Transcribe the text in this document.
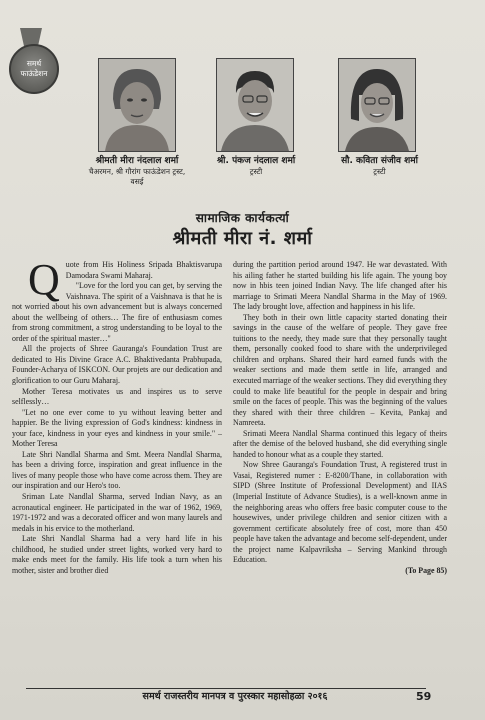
समर्थ
फाऊंडेशन
श्रीमती मीरा नंदलाल शर्मा
चैअरमन, श्री गौरांग फाऊंडेशन ट्रस्ट,
वसई
श्री. पंकज नंदलाल शर्मा
ट्रस्टी
सौ. कविता संजीव शर्मा
ट्रस्टी
सामाजिक कार्यकर्त्या
श्रीमती मीरा नं. शर्मा
Q uote from His Holiness Sripada Bhaktisvarupa Damodara Swami Maharaj.

"Love for the lord you can get, by serving the Vaishnava. The spirit of a Vaishnava is that he is not worried about his own advancement but is always concerned about the wellbeing of others… The fire of enthusiasm comes from strong commitment, a strog understanding to be loyal to the order of the spiritual master…"

All the projects of Shree Gauranga's Foundation Trust are dedicated to His Divine Grace A.C. Bhaktivedanta Prabhupada, Founder-Acharya of ISKCON. Our projets are our dedication and glorification to our Guru Maharaj.

Mother Teresa motivates us and inspires us to serve selflessly…

"Let no one ever come to yu without leaving better and happier. Be the living expression of God's kindness: kindness in your face, kindness in your eyes and kindness in your smile." – Mother Teresa

Late Shri Nandlal Sharma and Smt. Meera Nandlal Sharma, has been a driving force, inspiration and great influence in the lives of many people those who have come across them. They are our inspiration and our Hero's too.

Sriman Late Nandlal Sharma, served Indian Navy, as an acronautical engineer. He participated in the war of 1962, 1969, 1971-1972 and was a decorated officer and won many laurels and medals in his ervice to the motherland.

Late Shri Nandlal Sharma had a very hard life in his childhood, he studied under street lights, worked very hard to make ends meet for the family. His life took a turn when his mother, sister and brother died

during the partition period around 1947. He war devastated. With his ailing father he started building his life again. The young boy now in hbis teen joined Indian Navy. The life changed after his marriage to Srimati Meera Nandlal Sharma in the May of 1969. The lady brought love, affection and happiness in his life.

They both in their own little capacity started donating their savings in the cause of the welfare of people. They gave free tuitions to the needy, they made sure that they personally taught them, personally cooked food to share with the underprivileged children and orphans. Shared their hard earned funds with the weaker sections and made them settle in life, arranged and executed marriage of the weaker sections. They did everything they could to make life beautiful for the people in despair and bring smile on the faces of people. This was the beginning of the values they shared with their three children – Kevita, Pankaj and Namreeta.

Srimati Meera Nandlal Sharma continued this legacy of theirs after the demise of the beloved husband, she did everything single handed to honour what as a couple they started.

Now Shree Gauranga's Foundation Trust, A registered trust in Vasai, Registered numer : E-8200/Thane, in collaboration with SIPD (Shree Institute of Professional Development) and IIAS (Imperial Institute of Advance Studies), is a well-known anme in the neighboring areas who offers free basic computer couse to the housewives, under privilege children and senior citizen with a government certificate absolutely free of cost, more than 450 people have taken the advantage and become self-dependent, under the project name Kalpavriksha – Serving Mankind through Education.

(To Page 85)

समर्थ राजस्तरीय मानपत्र व पुरस्कार महासोहळा २०१६	59
